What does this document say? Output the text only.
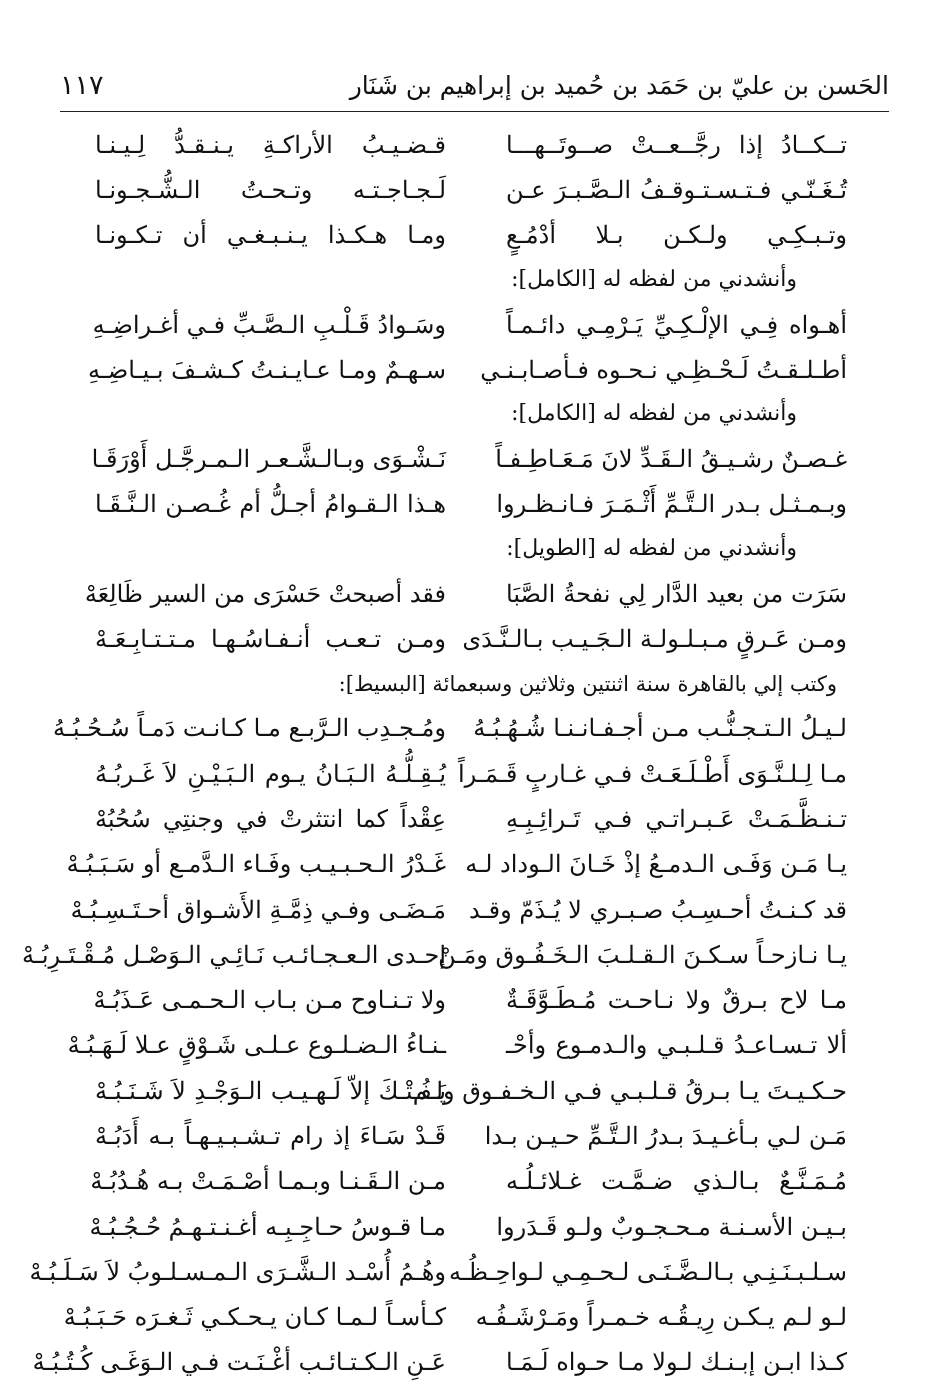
١١٧	الحَسن بن عليّ بن حَمَد بن حُميد بن إبراهيم بن شَنَار
تــكــادُ إذا رجَّــعــتْ صــوتَــهـــا
قـضـيـبُ الأراكـةِ يـنـقـدُّ لِـيـنـا
تُـغَـنّـي فـتـسـتـوقـفُ الـصَّـبـرَ عـن
لَـجـاجـتـه وتـحـتُ الـشُّـجـونـا
وتـبـكِـي ولـكـن بـلا أدْمُـعٍ
ومـا هـكـذا يـنـبـغـي أن تـكـونـا
وأنشدني من لفظه له [الكامل]:
أهـواه فِـي الإلْـكِـيِّ يَـرْمِـي دائـمـاً
وسَـوادُ قَـلْـبِ الـصَّـبِّ فـي أغـراضِـهِ
أطـلـقـتُ لَـحْـظِـي نـحـوه فـأصـابـنـي
سـهـمٌ ومـا عـايـنـتُ كـشـفَ بـيـاضِـهِ
وأنشدني من لفظه له [الكامل]:
غـصـنٌ رشـيـقُ الـقَـدِّ لانَ مَـعَـاطِـفـاً
نَـشْـوَى وبـالـشَّـعـر الـمـرجَّـل أَوْرَقَـا
وبـمـثـل بـدر الـتَّـمِّ أَثْـمَـرَ فـانـظـروا
هـذا الـقـوامُ أجـلُّ أم غُـصـن الـنَّـقَـا
وأنشدني من لفظه له [الطويل]:
سَرَت من بعيد الدَّار لِي نفحةُ الصَّبَا
فقد أصبحتْ حَسْرَى من السير ظَالِعَهْ
ومـن عَـرقٍ مـبـلـولـة الـجَـيـب بـالـنَّـدَى
ومـن تـعـب أنـفـاسُـهـا مـتـتـابِـعَـهْ
وكتب إلي بالقاهرة سنة اثنتين وثلاثين وسبعمائة [البسيط]:
لـيـلُ الـتـجـنُّـب مـن أجـفـانـنـا شُـهُـبُـهُ
ومُـجـدِب الـرَّبـع مـا كـانـت دَمـاً سُـحُـبُـهُ
مـا لِـلـنَّـوَى أَطْـلَـعَـتْ فـي غـاربٍ قَـمَـراً
يُـقِـلُّـهُ الـبَـانُ يـوم الـبَـيْـنِ لاَ غَـربُـهُ
تـنـظَّـمَـتْ عَـبـراتـي فـي تَـرائِـبِـهِ
عِقْداً كما انتثرتْ في وجنتِي سُحُبُهْ
يـا مَـن وَفَـى الـدمـعُ إذْ خَـانَ الـوداد لـه
غَـدْرُ الـحـبـيـب وفَـاء الـدَّمـع أو سَـبَـبُـهْ
قد كـنـتُ أحـسِـبُ صـبـري لا يُـذَمّ وقـد
مَـضَـى وفـي ذِمَّـةِ الأَشـواق أحـتَـسِـبُـهْ
يـا نـازحـاً سـكـنَ الـقـلـبَ الـخَـفُـوق ومَـنْ
إحـدى الـعـجـائـب نَـائِـي الـوَصْـل مُـقْـتَـرِبُـهْ
مـا لاح بـرقٌ ولا نـاحـت مُـطَـوَّقَـةٌ
ولا تـنـاوح مـن بـاب الـحـمـى عَـذَبُـهْ
ألا تـسـاعـدُ قـلـبـي والـدمـوع وأحْـ
ـنـاءُ الـضـلـوع عـلـى شَـوْقٍ عـلا لَـهَـبُـهْ
حـكـيـتَ يـا بـرقُ قـلـبـي فـي الـخـفـوق ولـم
يَـفُـتْـكَ إلاّ لَـهـيـب الـوَجْـدِ لاَ شَـنَـبُـهْ
مَـن لـي بـأغـيـدَ بـدرُ الـتَّـمِّ حـيـن بـدا
قَـدْ سَـاءَ إذ رام تـشـبـيـهـاً بـه أَدَبُـهْ
مُـمَـنَّـعٌ بـالـذي ضـمَّـت غـلائـلُـه
مـن الـقَـنـا وبـمـا أصْـمَـتْ بـه هُـدُبُـهْ
بـيـن الأسـنـة مـحـجـوبٌ ولـو قَـدَروا
مـا قـوسُ حـاجِـبِـه أغـنـتـهـمُ حُـجُـبُـهْ
سـلـبـنَـنِـي بـالـضَّـنَـى لـحـمِـي لـواحِـظُـه
وهُـمُ أُسْـد الـشَّـرَى الـمـسـلـوبُ لاَ سَـلَـبُـهْ
لـو لـم يـكـن رِيـقُـه خـمـراً ومَـرْشَـفُـه
كـأسـاً لـمـا كـان يـحـكـي ثَـغـرَه حَـبَـبُـهْ
كـذا ابـن إبـنـك لـولا مـا حـواه لَـمَـا
عَـنِ الـكـتـائـب أغْـنَـت فـي الـوَغَـى كُـتُـبُـهْ
